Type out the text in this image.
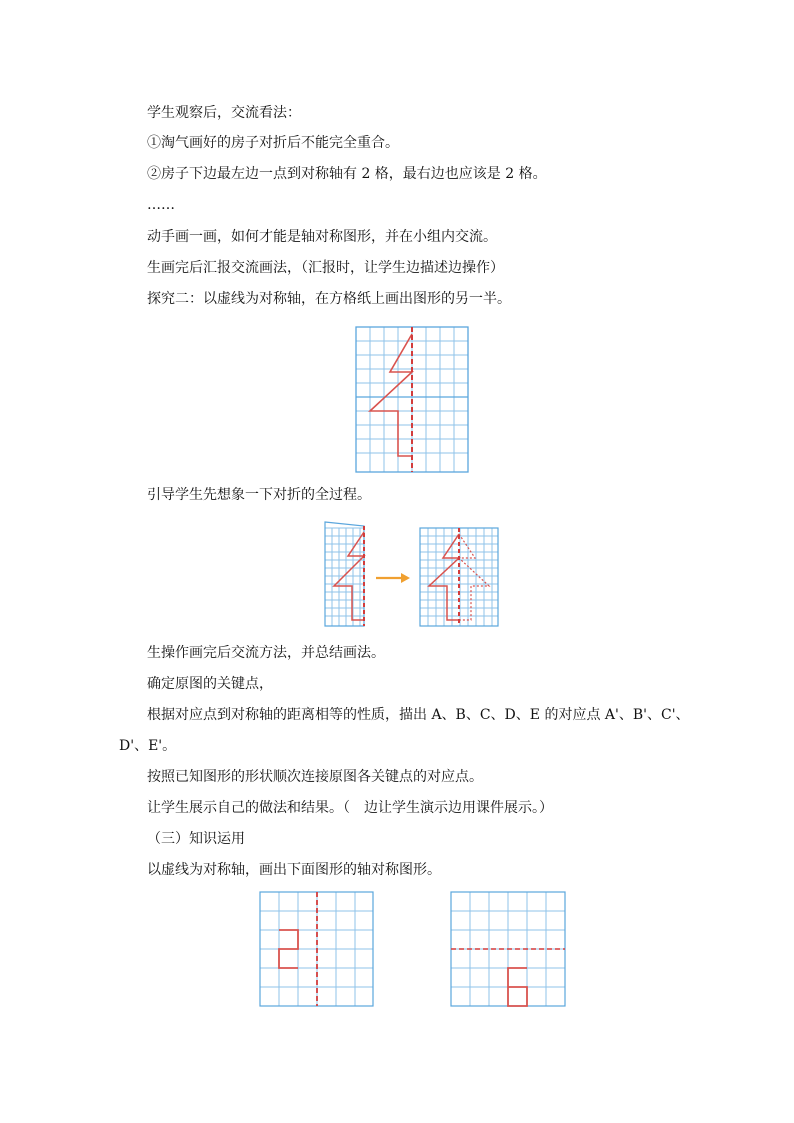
学生观察后，交流看法：
①淘气画好的房子对折后不能完全重合。
②房子下边最左边一点到对称轴有 2 格，最右边也应该是 2 格。
……
动手画一画，如何才能是轴对称图形，并在小组内交流。
生画完后汇报交流画法，（汇报时，让学生边描述边操作）
探究二：以虚线为对称轴，在方格纸上画出图形的另一半。
引导学生先想象一下对折的全过程。
生操作画完后交流方法，并总结画法。
确定原图的关键点，
根据对应点到对称轴的距离相等的性质，描出 A、B、C、D、E 的对应点 A'、B'、C'、
D'、E'。
按照已知图形的形状顺次连接原图各关键点的对应点。
让学生展示自己的做法和结果。（　边让学生演示边用课件展示。）
（三）知识运用
以虚线为对称轴，画出下面图形的轴对称图形。
